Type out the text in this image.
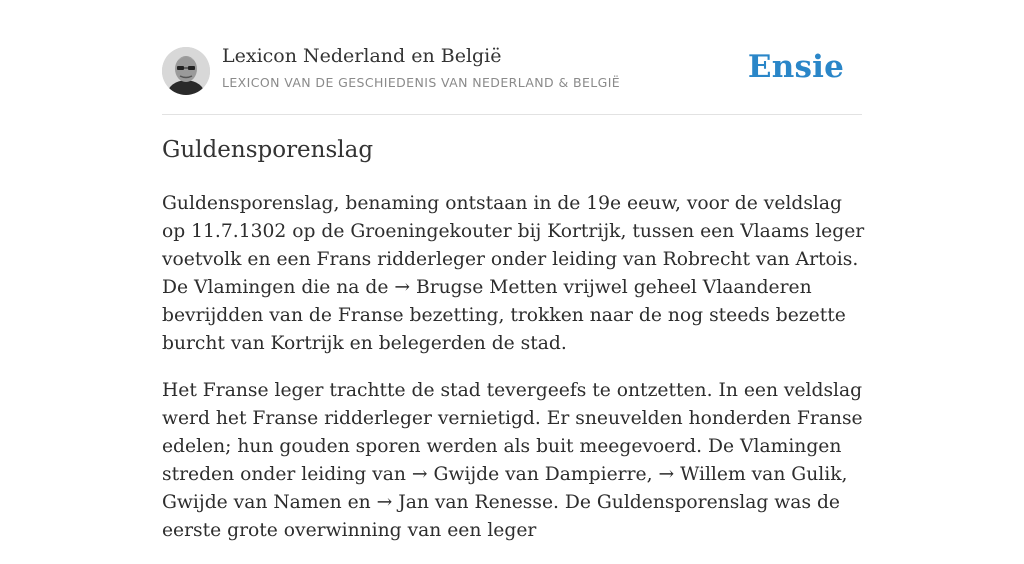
Lexicon Nederland en België
LEXICON VAN DE GESCHIEDENIS VAN NEDERLAND & BELGIË	Ensie
Guldensporenslag

Guldensporenslag, benaming ontstaan in de 19e eeuw, voor de veldslag op 11.7.1302 op de Groeningekouter bij Kortrijk, tussen een Vlaams leger voetvolk en een Frans ridderleger onder leiding van Robrecht van Artois. De Vlamingen die na de → Brugse Metten vrijwel geheel Vlaanderen bevrijdden van de Franse bezetting, trokken naar de nog steeds bezette burcht van Kortrijk en belegerden de stad.

Het Franse leger trachtte de stad tevergeefs te ontzetten. In een veldslag werd het Franse ridderleger vernietigd. Er sneuvelden honderden Franse edelen; hun gouden sporen werden als buit meegevoerd. De Vlamingen streden onder leiding van → Gwijde van Dampierre, → Willem van Gulik, Gwijde van Namen en → Jan van Renesse. De Guldensporenslag was de eerste grote overwinning van een leger
